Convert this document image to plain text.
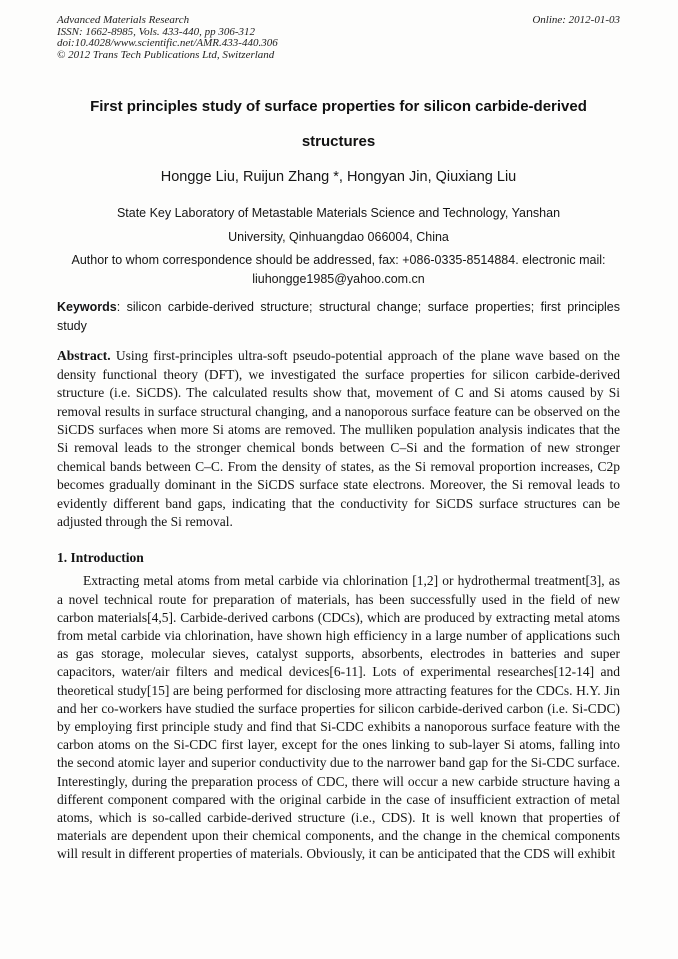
Advanced Materials Research
ISSN: 1662-8985, Vols. 433-440, pp 306-312
doi:10.4028/www.scientific.net/AMR.433-440.306
© 2012 Trans Tech Publications Ltd, Switzerland
Online: 2012-01-03
First principles study of surface properties for silicon carbide-derived
structures
Hongge Liu, Ruijun Zhang *, Hongyan Jin, Qiuxiang Liu
State Key Laboratory of Metastable Materials Science and Technology, Yanshan
University, Qinhuangdao 066004, China
Author to whom correspondence should be addressed, fax: +086-0335-8514884. electronic mail:
liuhongge1985@yahoo.com.cn

Keywords: silicon carbide-derived structure; structural change; surface properties; first principles study

Abstract. Using first-principles ultra-soft pseudo-potential approach of the plane wave based on the density functional theory (DFT), we investigated the surface properties for silicon carbide-derived structure (i.e. SiCDS). The calculated results show that, movement of C and Si atoms caused by Si removal results in surface structural changing, and a nanoporous surface feature can be observed on the SiCDS surfaces when more Si atoms are removed. The mulliken population analysis indicates that the Si removal leads to the stronger chemical bonds between C–Si and the formation of new stronger chemical bands between C–C. From the density of states, as the Si removal proportion increases, C2p becomes gradually dominant in the SiCDS surface state electrons. Moreover, the Si removal leads to evidently different band gaps, indicating that the conductivity for SiCDS surface structures can be adjusted through the Si removal.

1. Introduction

Extracting metal atoms from metal carbide via chlorination [1,2] or hydrothermal treatment[3], as a novel technical route for preparation of materials, has been successfully used in the field of new carbon materials[4,5]. Carbide-derived carbons (CDCs), which are produced by extracting metal atoms from metal carbide via chlorination, have shown high efficiency in a large number of applications such as gas storage, molecular sieves, catalyst supports, absorbents, electrodes in batteries and super capacitors, water/air filters and medical devices[6-11]. Lots of experimental researches[12-14] and theoretical study[15] are being performed for disclosing more attracting features for the CDCs. H.Y. Jin and her co-workers have studied the surface properties for silicon carbide-derived carbon (i.e. Si-CDC) by employing first principle study and find that Si-CDC exhibits a nanoporous surface feature with the carbon atoms on the Si-CDC first layer, except for the ones linking to sub-layer Si atoms, falling into the second atomic layer and superior conductivity due to the narrower band gap for the Si-CDC surface. Interestingly, during the preparation process of CDC, there will occur a new carbide structure having a different component compared with the original carbide in the case of insufficient extraction of metal atoms, which is so-called carbide-derived structure (i.e., CDS). It is well known that properties of materials are dependent upon their chemical components, and the change in the chemical components will result in different properties of materials. Obviously, it can be anticipated that the CDS will exhibit
